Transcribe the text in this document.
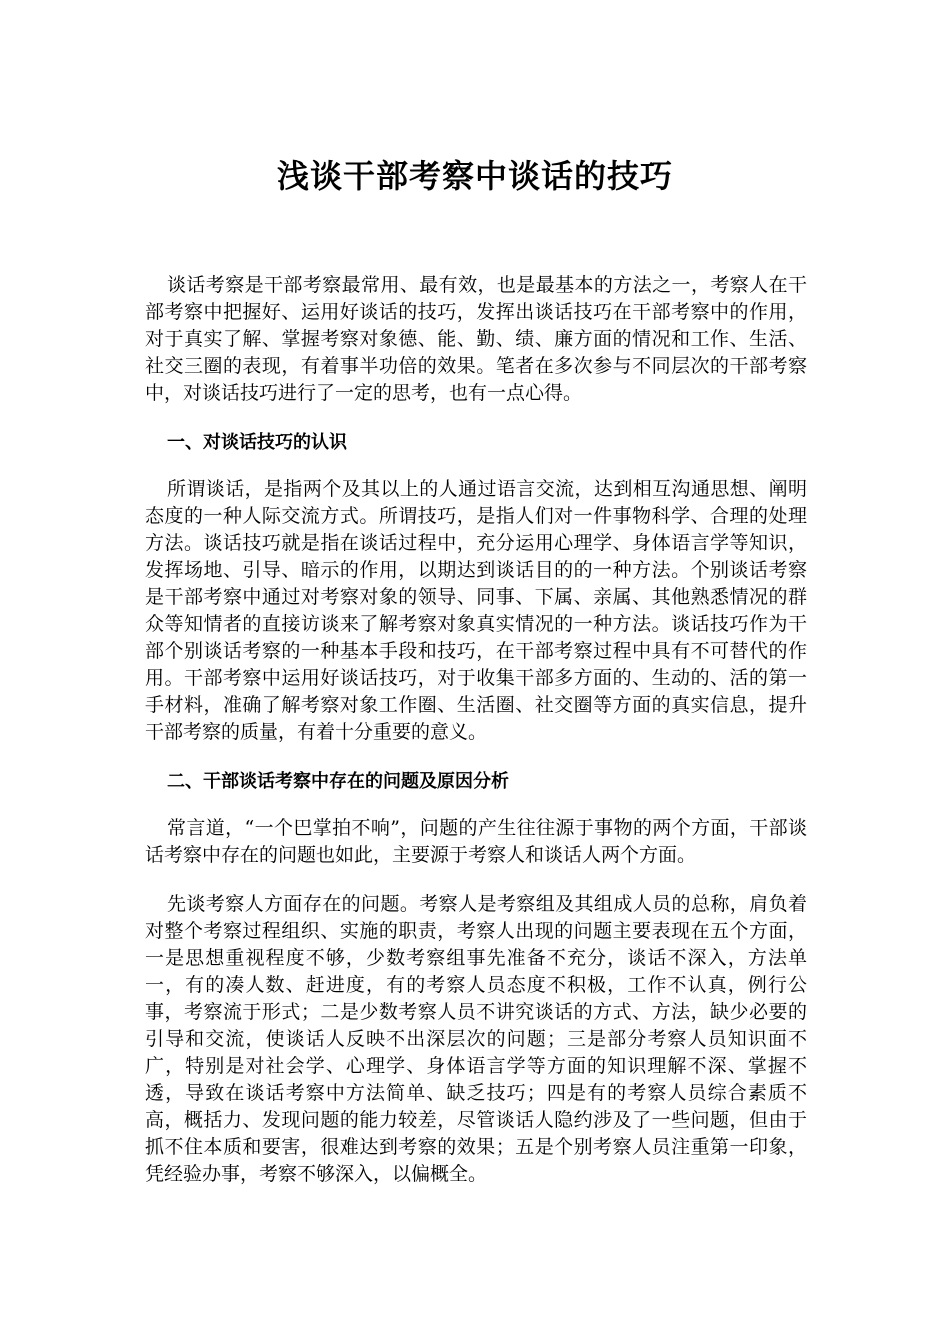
浅谈干部考察中谈话的技巧

谈话考察是干部考察最常用、最有效，也是最基本的方法之一，考察人在干部考察中把握好、运用好谈话的技巧，发挥出谈话技巧在干部考察中的作用，对于真实了解、掌握考察对象德、能、勤、绩、廉方面的情况和工作、生活、社交三圈的表现，有着事半功倍的效果。笔者在多次参与不同层次的干部考察中，对谈话技巧进行了一定的思考，也有一点心得。

一、对谈话技巧的认识

所谓谈话，是指两个及其以上的人通过语言交流，达到相互沟通思想、阐明态度的一种人际交流方式。所谓技巧，是指人们对一件事物科学、合理的处理方法。谈话技巧就是指在谈话过程中，充分运用心理学、身体语言学等知识，发挥场地、引导、暗示的作用，以期达到谈话目的的一种方法。个别谈话考察是干部考察中通过对考察对象的领导、同事、下属、亲属、其他熟悉情况的群众等知情者的直接访谈来了解考察对象真实情况的一种方法。谈话技巧作为干部个别谈话考察的一种基本手段和技巧，在干部考察过程中具有不可替代的作用。干部考察中运用好谈话技巧，对于收集干部多方面的、生动的、活的第一手材料，准确了解考察对象工作圈、生活圈、社交圈等方面的真实信息，提升干部考察的质量，有着十分重要的意义。

二、干部谈话考察中存在的问题及原因分析

常言道，“一个巴掌拍不响”，问题的产生往往源于事物的两个方面，干部谈话考察中存在的问题也如此，主要源于考察人和谈话人两个方面。

先谈考察人方面存在的问题。考察人是考察组及其组成人员的总称，肩负着对整个考察过程组织、实施的职责，考察人出现的问题主要表现在五个方面，一是思想重视程度不够，少数考察组事先准备不充分，谈话不深入，方法单一，有的凑人数、赶进度，有的考察人员态度不积极，工作不认真，例行公事，考察流于形式；二是少数考察人员不讲究谈话的方式、方法，缺少必要的引导和交流，使谈话人反映不出深层次的问题；三是部分考察人员知识面不广，特别是对社会学、心理学、身体语言学等方面的知识理解不深、掌握不透，导致在谈话考察中方法简单、缺乏技巧；四是有的考察人员综合素质不高，概括力、发现问题的能力较差，尽管谈话人隐约涉及了一些问题，但由于抓不住本质和要害，很难达到考察的效果；五是个别考察人员注重第一印象，凭经验办事，考察不够深入，以偏概全。
